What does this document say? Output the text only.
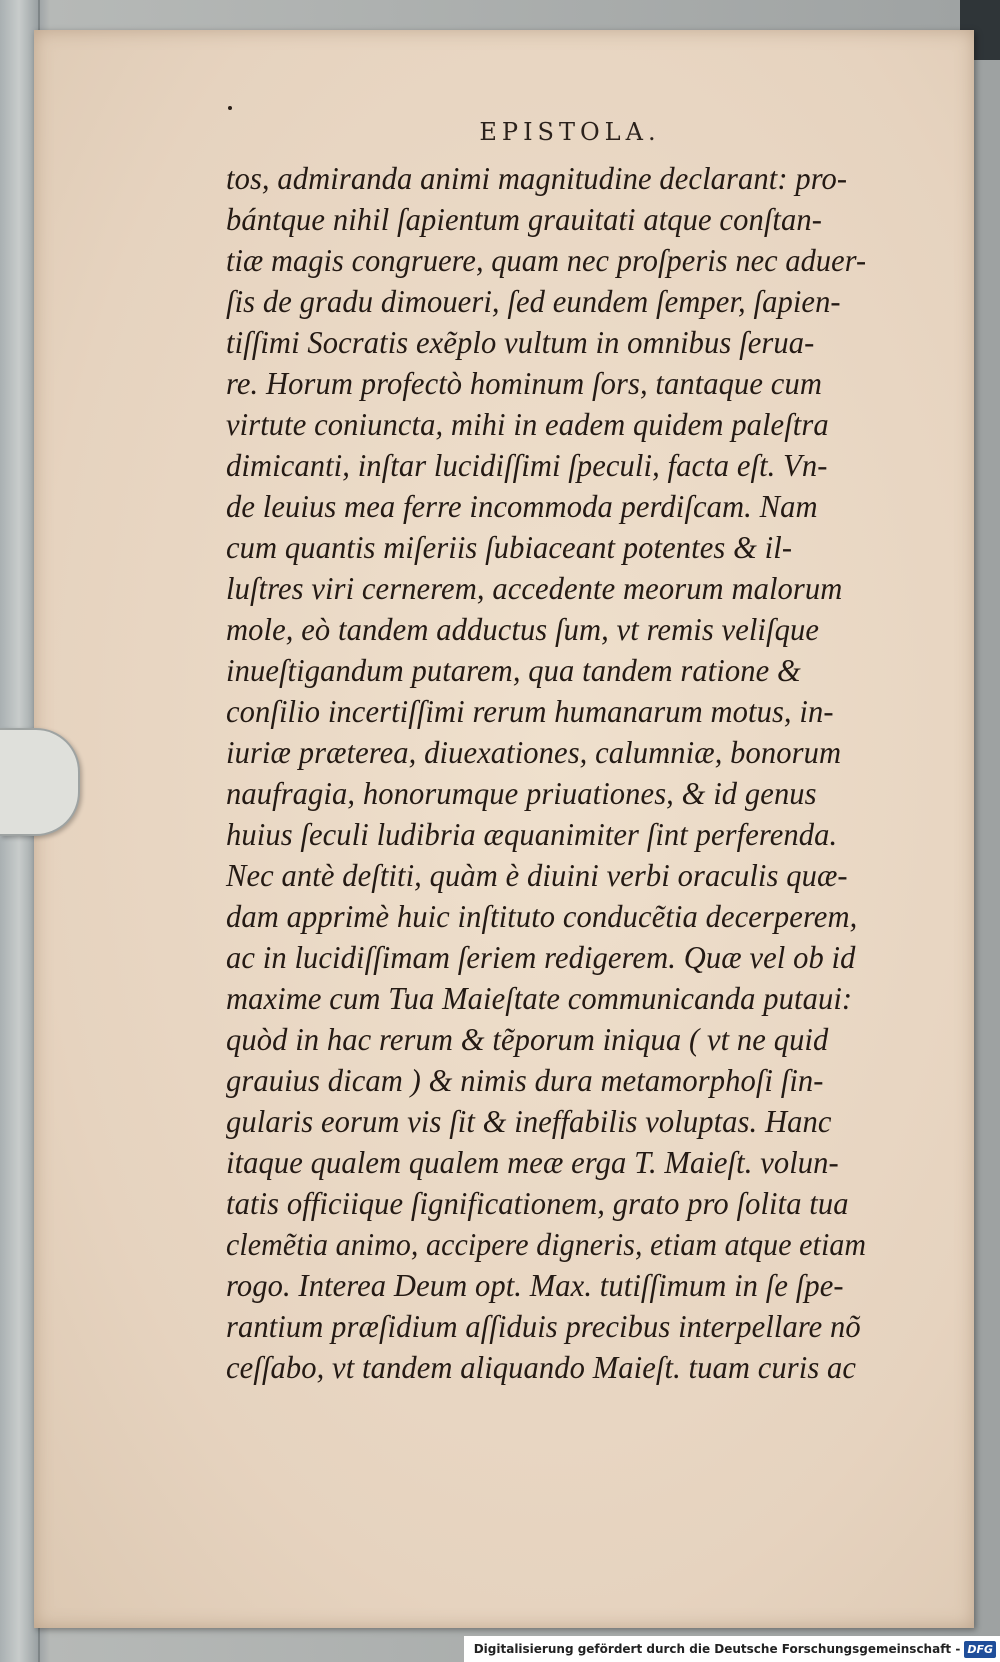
EPISTOLA.
tos, admiranda animi magnitudine declarant: pro-
bántque nihil ſapientum grauitati atque conſtan-
tiæ magis congruere, quam nec proſperis nec aduer-
ſis de gradu dimoueri, ſed eundem ſemper, ſapien-
tiſſimi Socratis exẽplo vultum in omnibus ſerua-
re. Horum profectò hominum ſors, tantaque cum
virtute coniuncta, mihi in eadem quidem paleſtra
dimicanti, inſtar lucidiſſimi ſpeculi, facta eſt. Vn-
de leuius mea ferre incommoda perdiſcam. Nam
cum quantis miſeriis ſubiaceant potentes & il-
luſtres viri cernerem, accedente meorum malorum
mole, eò tandem adductus ſum, vt remis veliſque
inueſtigandum putarem, qua tandem ratione &
conſilio incertiſſimi rerum humanarum motus, in-
iuriæ præterea, diuexationes, calumniæ, bonorum
naufragia, honorumque priuationes, & id genus
huius ſeculi ludibria æquanimiter ſint perferenda.
Nec antè deſtiti, quàm è diuini verbi oraculis quæ-
dam apprimè huic inſtituto conducẽtia decerperem,
ac in lucidiſſimam ſeriem redigerem. Quæ vel ob id
maxime cum Tua Maieſtate communicanda putaui:
quòd in hac rerum & tẽporum iniqua ( vt ne quid
grauius dicam ) & nimis dura metamorphoſi ſin-
gularis eorum vis ſit & ineffabilis voluptas. Hanc
itaque qualem qualem meæ erga T. Maieſt. volun-
tatis officiique ſignificationem, grato pro ſolita tua
clemẽtia animo, accipere digneris, etiam atque etiam
rogo. Interea Deum opt. Max. tutiſſimum in ſe ſpe-
rantium præſidium aſſiduis precibus interpellare nõ
ceſſabo, vt tandem aliquando Maieſt. tuam curis ac
Digitalisierung gefördert durch die Deutsche Forschungsgemeinschaft - DFG
